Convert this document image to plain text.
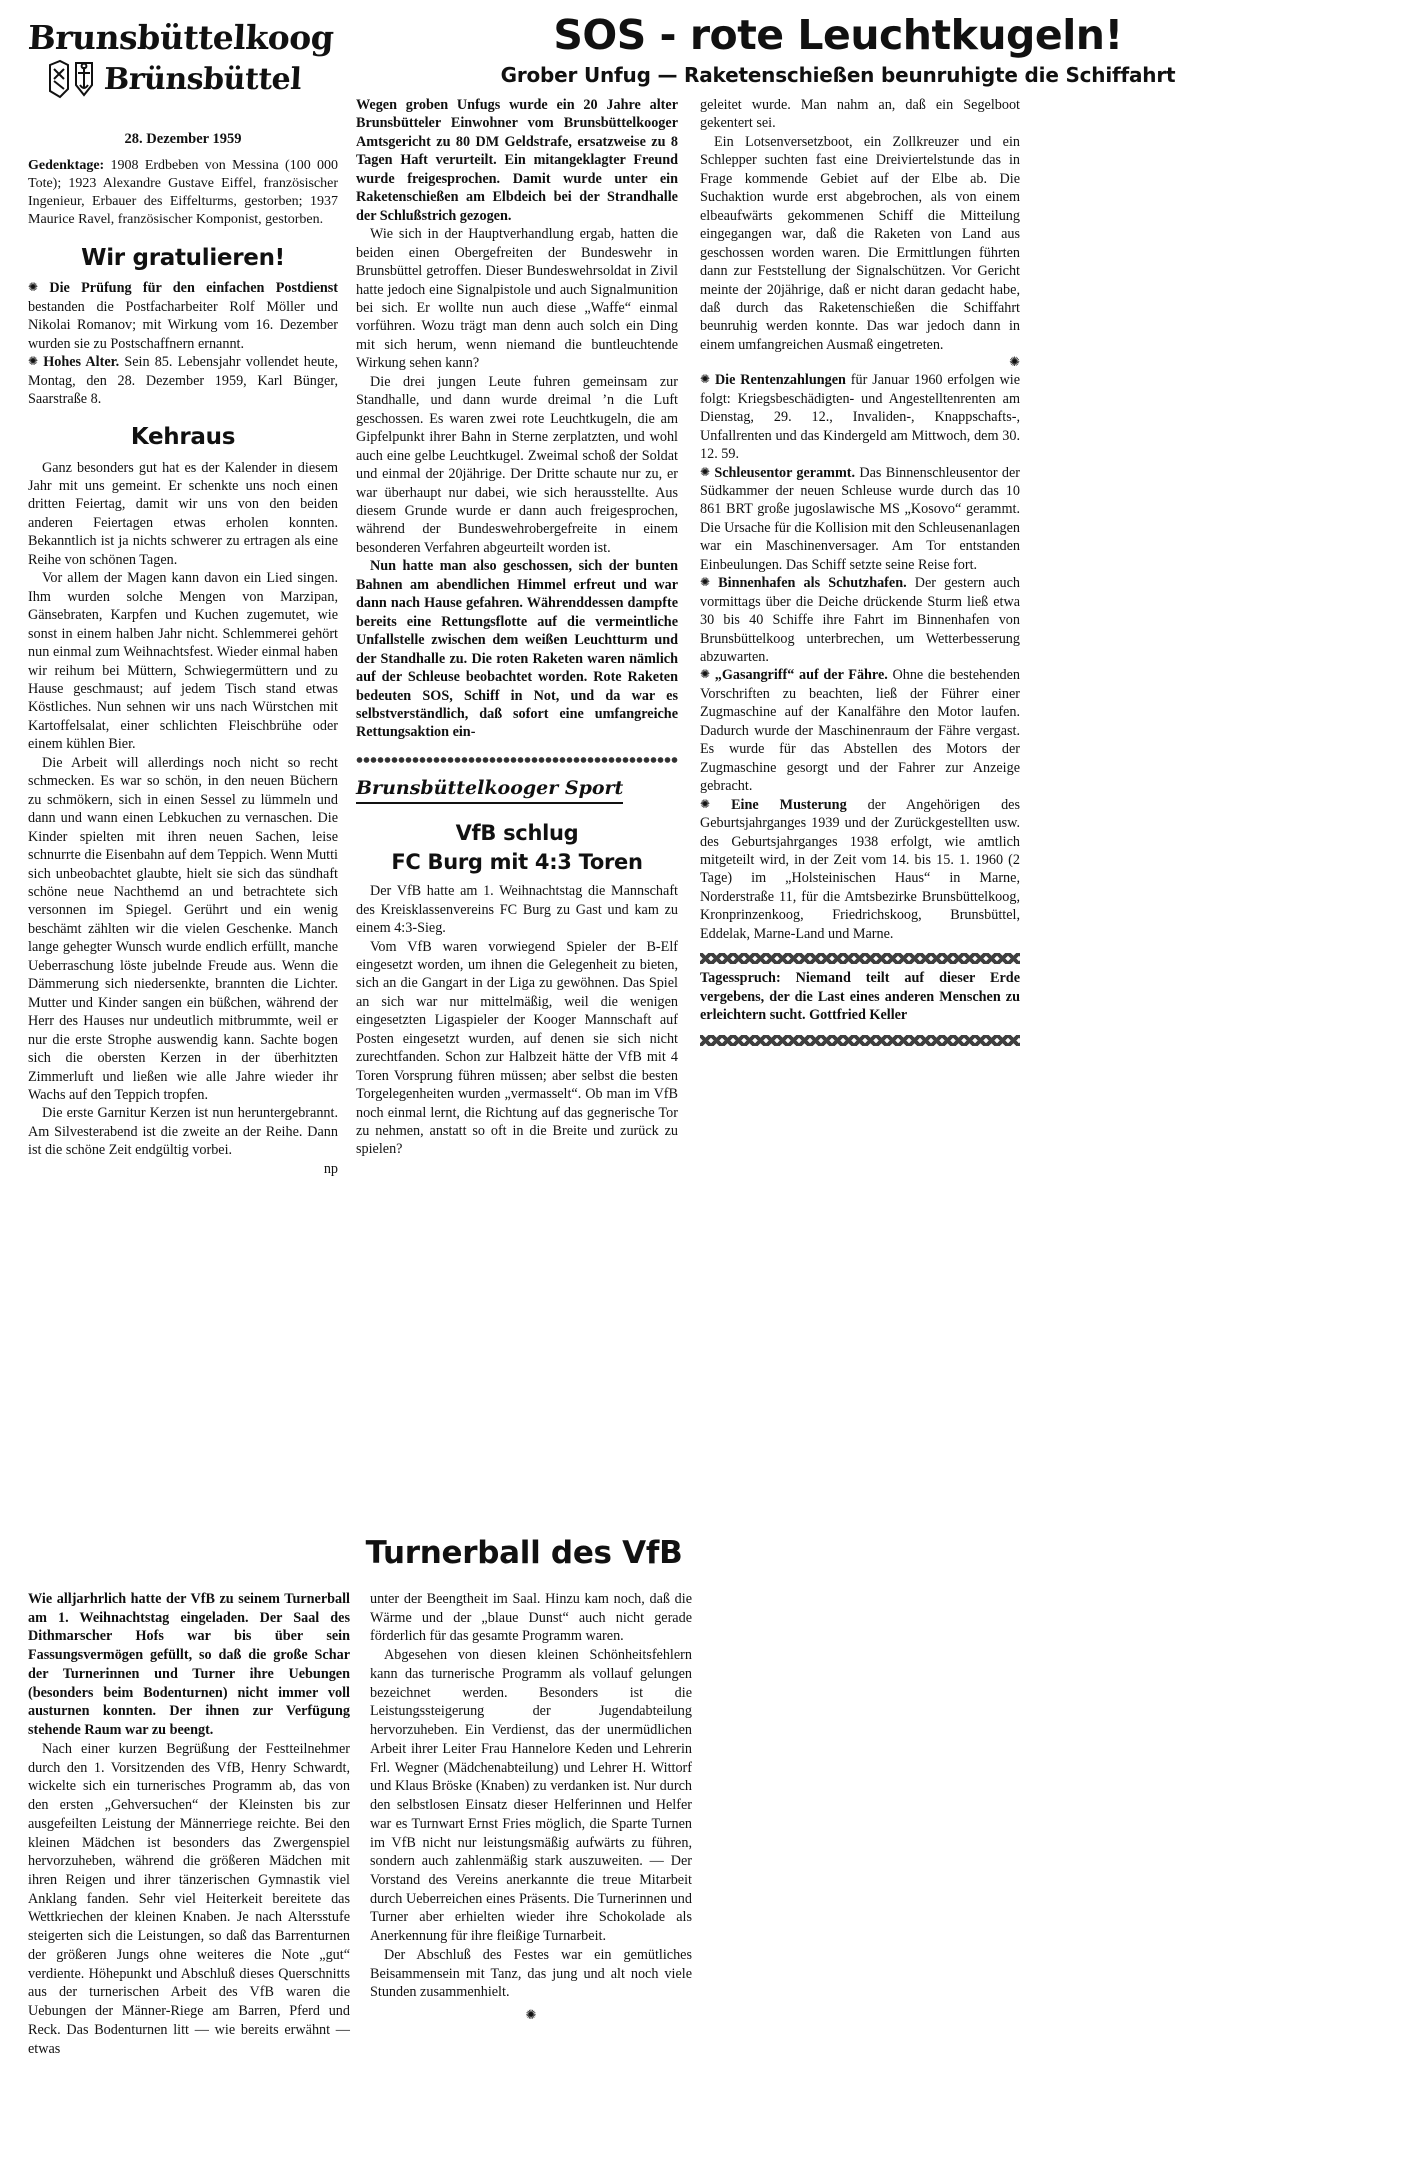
Brunsbüttelkoog
Brünsbüttel
SOS - rote Leuchtkugeln!
Grober Unfug — Raketenschießen beunruhigte die Schiffahrt
28. Dezember 1959
Gedenktage: 1908 Erdbeben von Messina (100 000 Tote); 1923 Alexandre Gustave Eiffel, französischer Ingenieur, Erbauer des Eiffelturms, gestorben; 1937 Maurice Ravel, französischer Komponist, gestorben.
Wir gratulieren!

✺ Die Prüfung für den einfachen Postdienst bestanden die Postfacharbeiter Rolf Möller und Nikolai Romanov; mit Wirkung vom 16. Dezember wurden sie zu Postschaffnern ernannt.

✺ Hohes Alter. Sein 85. Lebensjahr vollendet heute, Montag, den 28. Dezember 1959, Karl Bünger, Saarstraße 8.

Kehraus

Ganz besonders gut hat es der Kalender in diesem Jahr mit uns gemeint. Er schenkte uns noch einen dritten Feiertag, damit wir uns von den beiden anderen Feiertagen etwas erholen konnten. Bekanntlich ist ja nichts schwerer zu ertragen als eine Reihe von schönen Tagen.

Vor allem der Magen kann davon ein Lied singen. Ihm wurden solche Mengen von Marzipan, Gänsebraten, Karpfen und Kuchen zugemutet, wie sonst in einem halben Jahr nicht. Schlemmerei gehört nun einmal zum Weihnachtsfest. Wieder einmal haben wir reihum bei Müttern, Schwiegermüttern und zu Hause geschmaust; auf jedem Tisch stand etwas Köstliches. Nun sehnen wir uns nach Würstchen mit Kartoffelsalat, einer schlichten Fleischbrühe oder einem kühlen Bier.

Die Arbeit will allerdings noch nicht so recht schmecken. Es war so schön, in den neuen Büchern zu schmökern, sich in einen Sessel zu lümmeln und dann und wann einen Lebkuchen zu vernaschen. Die Kinder spielten mit ihren neuen Sachen, leise schnurrte die Eisenbahn auf dem Teppich. Wenn Mutti sich unbeobachtet glaubte, hielt sie sich das sündhaft schöne neue Nachthemd an und betrachtete sich versonnen im Spiegel. Gerührt und ein wenig beschämt zählten wir die vielen Geschenke. Manch lange gehegter Wunsch wurde endlich erfüllt, manche Ueberraschung löste jubelnde Freude aus. Wenn die Dämmerung sich niedersenkte, brannten die Lichter. Mutter und Kinder sangen ein büßchen, während der Herr des Hauses nur undeutlich mitbrummte, weil er nur die erste Strophe auswendig kann. Sachte bogen sich die obersten Kerzen in der überhitzten Zimmerluft und ließen wie alle Jahre wieder ihr Wachs auf den Teppich tropfen.

Die erste Garnitur Kerzen ist nun heruntergebrannt. Am Silvesterabend ist die zweite an der Reihe. Dann ist die schöne Zeit endgültig vorbei.

np

Wegen groben Unfugs wurde ein 20 Jahre alter Brunsbütteler Einwohner vom Brunsbüttelkooger Amtsgericht zu 80 DM Geldstrafe, ersatzweise zu 8 Tagen Haft verurteilt. Ein mitangeklagter Freund wurde freigesprochen. Damit wurde unter ein Raketenschießen am Elbdeich bei der Strandhalle der Schlußstrich gezogen.

Wie sich in der Hauptverhandlung ergab, hatten die beiden einen Obergefreiten der Bundeswehr in Brunsbüttel getroffen. Dieser Bundeswehrsoldat in Zivil hatte jedoch eine Signalpistole und auch Signalmunition bei sich. Er wollte nun auch diese „Waffe“ einmal vorführen. Wozu trägt man denn auch solch ein Ding mit sich herum, wenn niemand die buntleuchtende Wirkung sehen kann?

Die drei jungen Leute fuhren gemeinsam zur Standhalle, und dann wurde dreimal ’n die Luft geschossen. Es waren zwei rote Leuchtkugeln, die am Gipfelpunkt ihrer Bahn in Sterne zerplatzten, und wohl auch eine gelbe Leuchtkugel. Zweimal schoß der Soldat und einmal der 20jährige. Der Dritte schaute nur zu, er war überhaupt nur dabei, wie sich herausstellte. Aus diesem Grunde wurde er dann auch freigesprochen, während der Bundeswehrobergefreite in einem besonderen Verfahren abgeurteilt worden ist.

Nun hatte man also geschossen, sich der bunten Bahnen am abendlichen Himmel erfreut und war dann nach Hause gefahren. Währenddessen dampfte bereits eine Rettungsflotte auf die vermeintliche Unfallstelle zwischen dem weißen Leuchtturm und der Standhalle zu. Die roten Raketen waren nämlich auf der Schleuse beobachtet worden. Rote Raketen bedeuten SOS, Schiff in Not, und da war es selbstverständlich, daß sofort eine umfangreiche Rettungsaktion ein-

Brunsbüttelkooger Sport
VfB schlug
FC Burg mit 4:3 Toren

Der VfB hatte am 1. Weihnachtstag die Mannschaft des Kreisklassenvereins FC Burg zu Gast und kam zu einem 4:3-Sieg.

Vom VfB waren vorwiegend Spieler der B-Elf eingesetzt worden, um ihnen die Gelegenheit zu bieten, sich an die Gangart in der Liga zu gewöhnen. Das Spiel an sich war nur mittelmäßig, weil die wenigen eingesetzten Ligaspieler der Kooger Mannschaft auf Posten eingesetzt wurden, auf denen sie sich nicht zurechtfanden. Schon zur Halbzeit hätte der VfB mit 4 Toren Vorsprung führen müssen; aber selbst die besten Torgelegenheiten wurden „vermasselt“. Ob man im VfB noch einmal lernt, die Richtung auf das gegnerische Tor zu nehmen, anstatt so oft in die Breite und zurück zu spielen?

geleitet wurde. Man nahm an, daß ein Segelboot gekentert sei.

Ein Lotsenversetzboot, ein Zollkreuzer und ein Schlepper suchten fast eine Dreiviertelstunde das in Frage kommende Gebiet auf der Elbe ab. Die Suchaktion wurde erst abgebrochen, als von einem elbeaufwärts gekommenen Schiff die Mitteilung eingegangen war, daß die Raketen von Land aus geschossen worden waren. Die Ermittlungen führten dann zur Feststellung der Signalschützen. Vor Gericht meinte der 20jährige, daß er nicht daran gedacht habe, daß durch das Raketenschießen die Schiffahrt beunruhig werden konnte. Das war jedoch dann in einem umfangreichen Ausmaß eingetreten.

✺

✺ Die Rentenzahlungen für Januar 1960 erfolgen wie folgt: Kriegsbeschädigten- und Angestelltenrenten am Dienstag, 29. 12., Invaliden-, Knappschafts-, Unfallrenten und das Kindergeld am Mittwoch, dem 30. 12. 59.

✺ Schleusentor gerammt. Das Binnenschleusentor der Südkammer der neuen Schleuse wurde durch das 10 861 BRT große jugoslawische MS „Kosovo“ gerammt. Die Ursache für die Kollision mit den Schleusenanlagen war ein Maschinenversager. Am Tor entstanden Einbeulungen. Das Schiff setzte seine Reise fort.

✺ Binnenhafen als Schutzhafen. Der gestern auch vormittags über die Deiche drückende Sturm ließ etwa 30 bis 40 Schiffe ihre Fahrt im Binnenhafen von Brunsbüttelkoog unterbrechen, um Wetterbesserung abzuwarten.

✺ „Gasangriff“ auf der Fähre. Ohne die bestehenden Vorschriften zu beachten, ließ der Führer einer Zugmaschine auf der Kanalfähre den Motor laufen. Dadurch wurde der Maschinenraum der Fähre vergast. Es wurde für das Abstellen des Motors der Zugmaschine gesorgt und der Fahrer zur Anzeige gebracht.

✺ Eine Musterung der Angehörigen des Geburtsjahrganges 1939 und der Zurückgestellten usw. des Geburtsjahrganges 1938 erfolgt, wie amtlich mitgeteilt wird, in der Zeit vom 14. bis 15. 1. 1960 (2 Tage) im „Holsteinischen Haus“ in Marne, Norderstraße 11, für die Amtsbezirke Brunsbüttelkoog, Kronprinzenkoog, Friedrichskoog, Brunsbüttel, Eddelak, Marne-Land und Marne.

Tagesspruch: Niemand teilt auf dieser Erde vergebens, der die Last eines anderen Menschen zu erleichtern sucht. Gottfried Keller

Turnerball des VfB

Wie alljarhrlich hatte der VfB zu seinem Turnerball am 1. Weihnachtstag eingeladen. Der Saal des Dithmarscher Hofs war bis über sein Fassungsvermögen gefüllt, so daß die große Schar der Turnerinnen und Turner ihre Uebungen (besonders beim Bodenturnen) nicht immer voll austurnen konnten. Der ihnen zur Verfügung stehende Raum war zu beengt.

Nach einer kurzen Begrüßung der Festteilnehmer durch den 1. Vorsitzenden des VfB, Henry Schwardt, wickelte sich ein turnerisches Programm ab, das von den ersten „Gehversuchen“ der Kleinsten bis zur ausgefeilten Leistung der Männerriege reichte. Bei den kleinen Mädchen ist besonders das Zwergenspiel hervorzuheben, während die größeren Mädchen mit ihren Reigen und ihrer tänzerischen Gymnastik viel Anklang fanden. Sehr viel Heiterkeit bereitete das Wettkriechen der kleinen Knaben. Je nach Altersstufe steigerten sich die Leistungen, so daß das Barrenturnen der größeren Jungs ohne weiteres die Note „gut“ verdiente. Höhepunkt und Abschluß dieses Querschnitts aus der turnerischen Arbeit des VfB waren die Uebungen der Männer-Riege am Barren, Pferd und Reck. Das Bodenturnen litt — wie bereits erwähnt — etwas

unter der Beengtheit im Saal. Hinzu kam noch, daß die Wärme und der „blaue Dunst“ auch nicht gerade förderlich für das gesamte Programm waren.

Abgesehen von diesen kleinen Schönheitsfehlern kann das turnerische Programm als vollauf gelungen bezeichnet werden. Besonders ist die Leistungssteigerung der Jugendabteilung hervorzuheben. Ein Verdienst, das der unermüdlichen Arbeit ihrer Leiter Frau Hannelore Keden und Lehrerin Frl. Wegner (Mädchenabteilung) und Lehrer H. Wittorf und Klaus Bröske (Knaben) zu verdanken ist. Nur durch den selbstlosen Einsatz dieser Helferinnen und Helfer war es Turnwart Ernst Fries möglich, die Sparte Turnen im VfB nicht nur leistungsmäßig aufwärts zu führen, sondern auch zahlenmäßig stark auszuweiten. — Der Vorstand des Vereins anerkannte die treue Mitarbeit durch Ueberreichen eines Präsents. Die Turnerinnen und Turner aber erhielten wieder ihre Schokolade als Anerkennung für ihre fleißige Turnarbeit.

Der Abschluß des Festes war ein gemütliches Beisammensein mit Tanz, das jung und alt noch viele Stunden zusammenhielt.

✺
